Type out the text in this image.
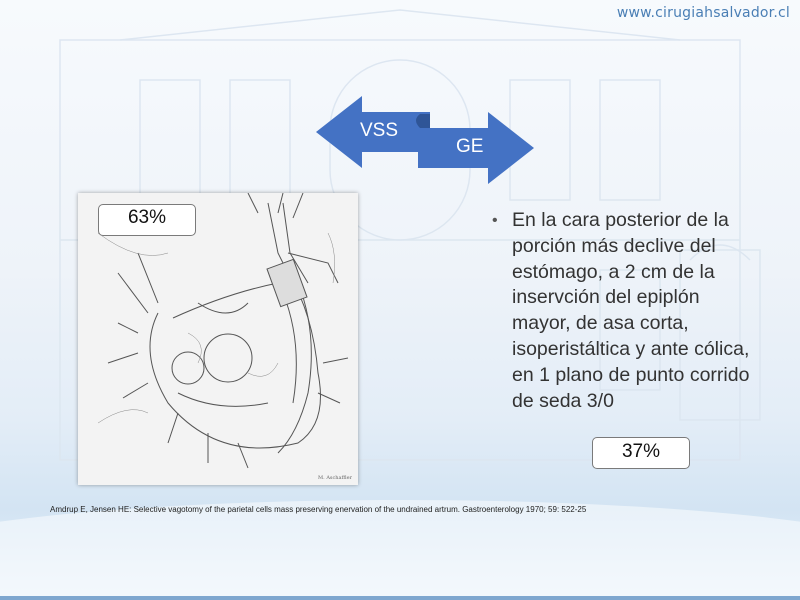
www.cirugiahsalvador.cl
VSS
GE
M. Aschaffler
63%	• En la cara posterior de la porción más declive del estómago, a 2 cm de la inservción del epiplón mayor, de asa corta, isoperistáltica y ante cólica, en 1 plano de punto corrido de seda 3/0
37%
Amdrup E, Jensen HE: Selective vagotomy of the parietal cells mass preserving enervation of the undrained artrum. Gastroenterology 1970; 59: 522-25
